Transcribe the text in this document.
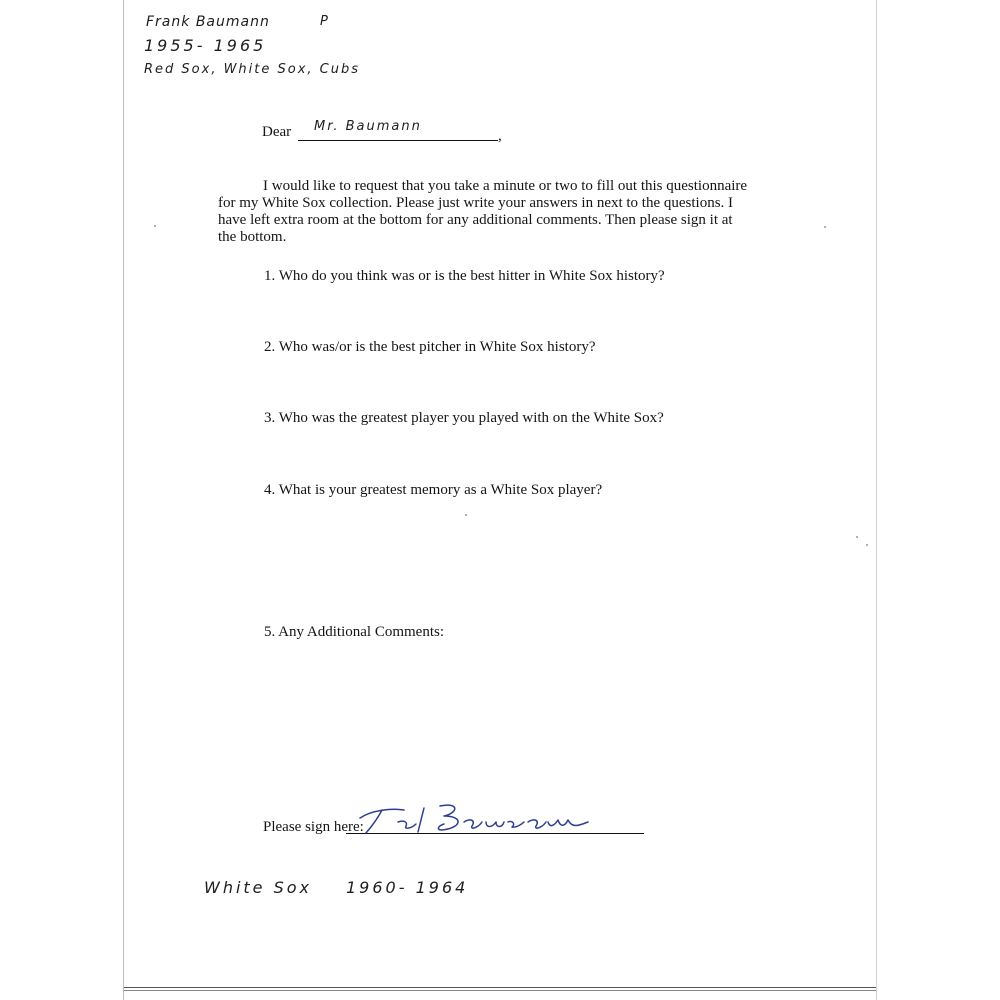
Frank Baumann	P
1955- 1965
Red Sox, White Sox, Cubs
Dear Mr. Baumann
,
I would like to request that you take a minute or two to fill out this questionnaire
for my White Sox collection. Please just write your answers in next to the questions. I
have left extra room at the bottom for any additional comments. Then please sign it at
the bottom.
1. Who do you think was or is the best hitter in White Sox history?
2. Who was/or is the best pitcher in White Sox history?
3. Who was the greatest player you played with on the White Sox?
4. What is your greatest memory as a White Sox player?
5. Any Additional Comments:
Please sign here:
White Sox 1960- 1964
